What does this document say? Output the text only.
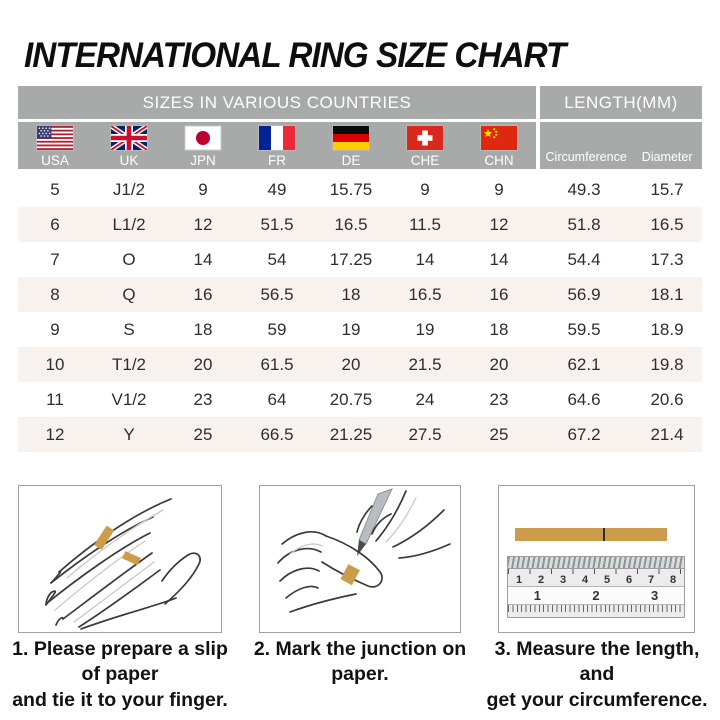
INTERNATIONAL RING SIZE CHART
SIZES IN VARIOUS COUNTRIES	LENGTH(MM)
USA	UK	JPN	FR	DE	CHE	CHN	Circumference	Diameter
5	J1/2	9	49	15.75	9	9	49.3	15.7
6	L1/2	12	51.5	16.5	11.5	12	51.8	16.5
7	O	14	54	17.25	14	14	54.4	17.3
8	Q	16	56.5	18	16.5	16	56.9	18.1
9	S	18	59	19	19	18	59.5	18.9
10	T1/2	20	61.5	20	21.5	20	62.1	19.8
11	V1/2	23	64	20.75	24	23	64.6	20.6
12	Y	25	66.5	21.25	27.5	25	67.2	21.4
1 2 3 4 5 6 7 8
1	2	3
1. Please prepare a slip of paper
and tie it to your finger.
2. Mark the junction on paper.
3. Measure the length, and
get your circumference.
